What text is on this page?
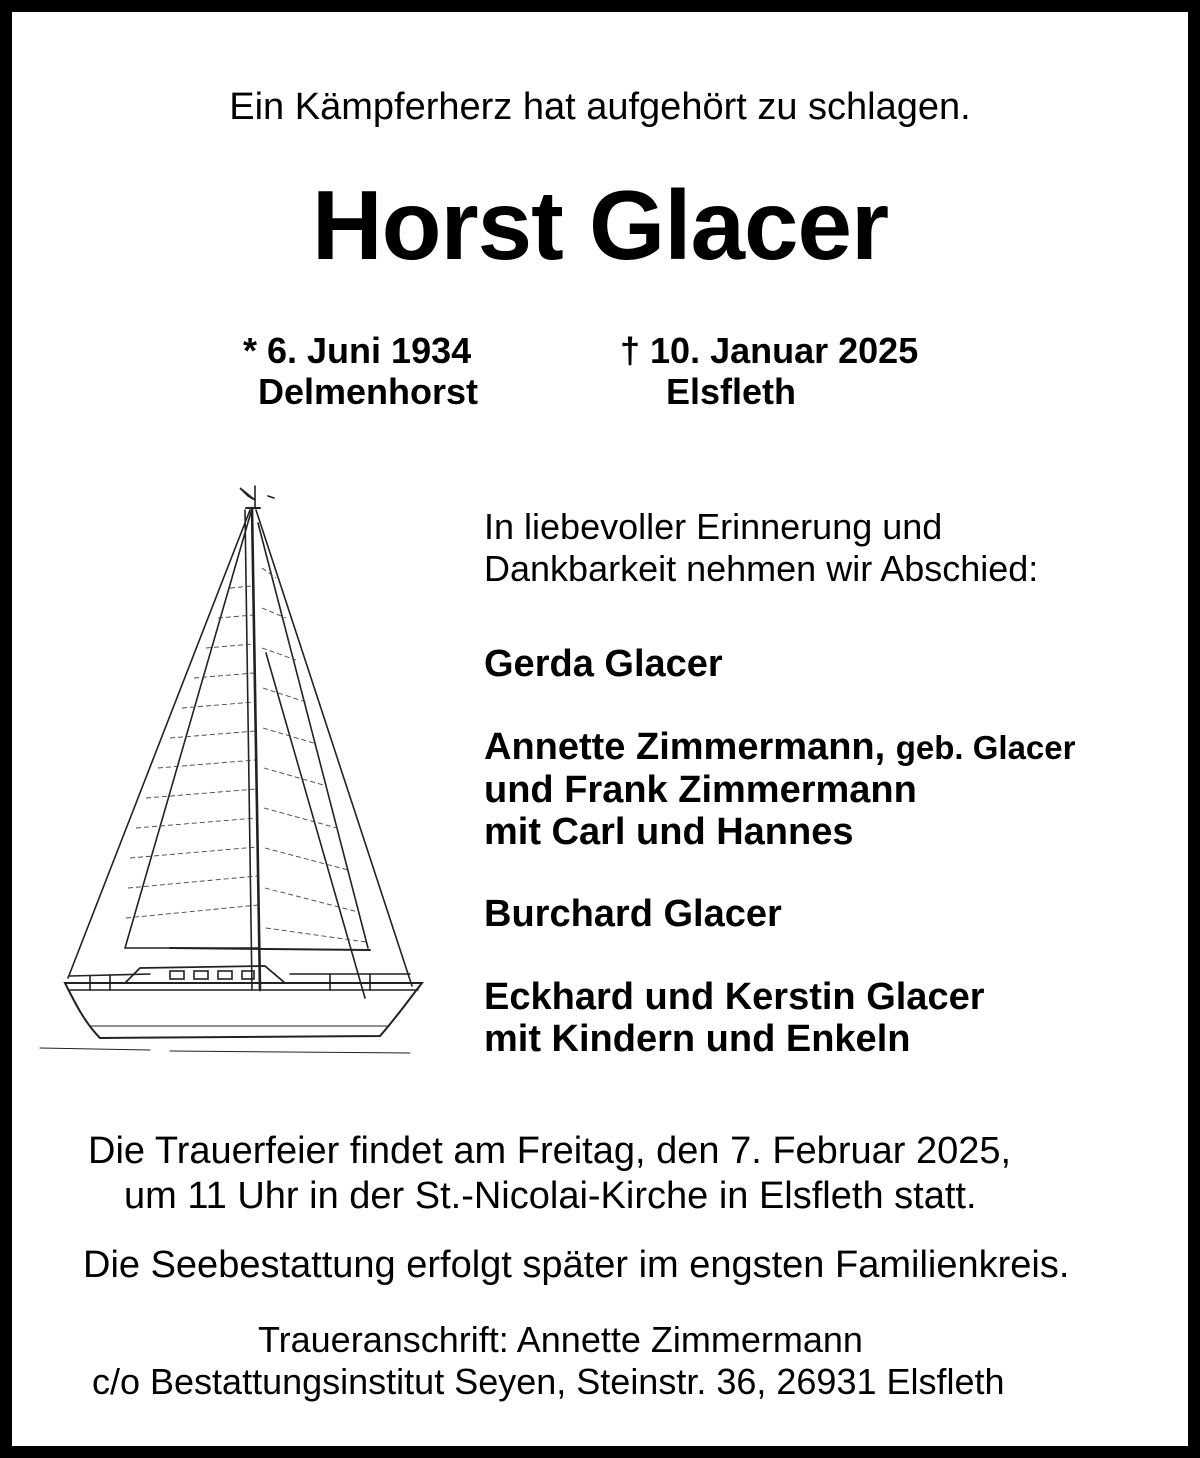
Ein Kämpferherz hat aufgehört zu schlagen.
Horst Glacer
* 6. Juni 1934
Delmenhorst
† 10. Januar 2025
Elsfleth
In liebevoller Erinnerung und
Dankbarkeit nehmen wir Abschied:
Gerda Glacer
Annette Zimmermann, geb. Glacer
und Frank Zimmermann
mit Carl und Hannes
Burchard Glacer
Eckhard und Kerstin Glacer
mit Kindern und Enkeln
Die Trauerfeier findet am Freitag, den 7. Februar 2025,
um 11 Uhr in der St.-Nicolai-Kirche in Elsfleth statt.
Die Seebestattung erfolgt später im engsten Familienkreis.
Traueranschrift: Annette Zimmermann
c/o Bestattungsinstitut Seyen, Steinstr. 36, 26931 Elsfleth
